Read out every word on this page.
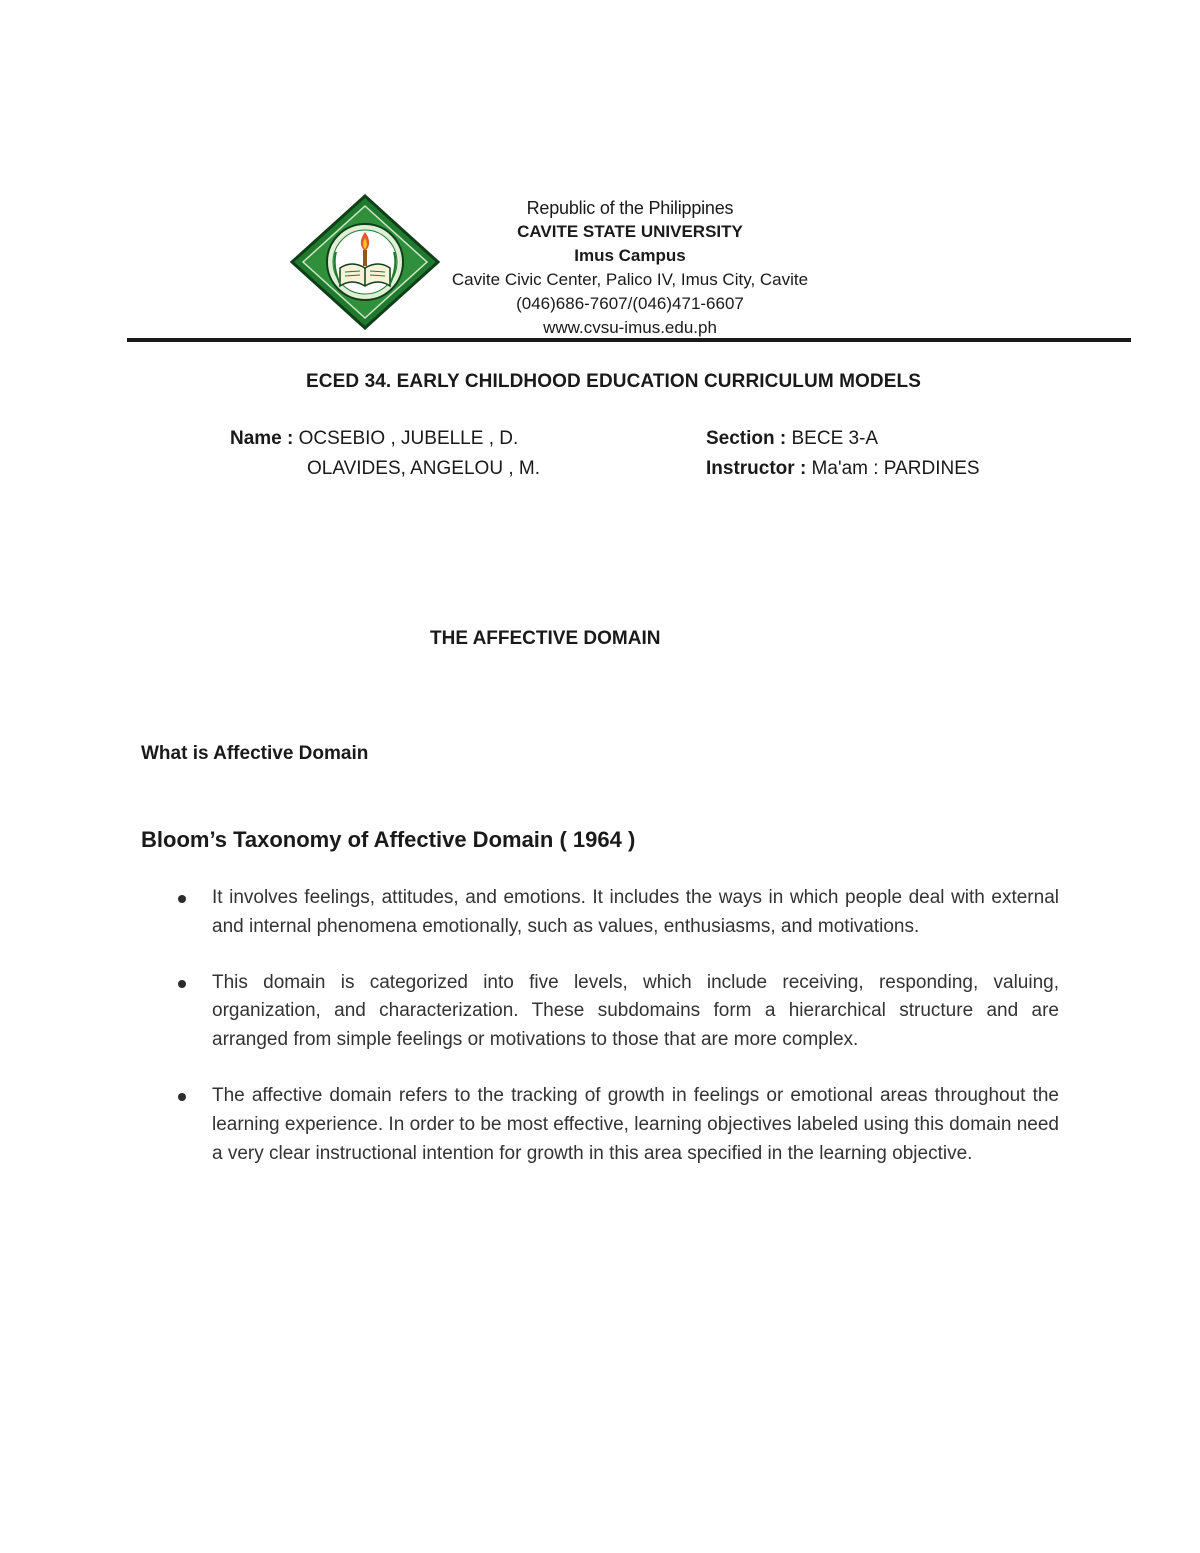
Republic of the Philippines
CAVITE STATE UNIVERSITY
Imus Campus
Cavite Civic Center, Palico IV, Imus City, Cavite
(046)686-7607/(046)471-6607
www.cvsu-imus.edu.ph
ECED 34. EARLY CHILDHOOD EDUCATION CURRICULUM MODELS
Name : OCSEBIO , JUBELLE , D.
OLAVIDES, ANGELOU , M.
Section : BECE 3-A
Instructor : Ma'am : PARDINES
THE AFFECTIVE DOMAIN
What is Affective Domain
Bloom’s Taxonomy of Affective Domain ( 1964 )
It involves feelings, attitudes, and emotions. It includes the ways in which people deal with external and internal phenomena emotionally, such as values, enthusiasms, and motivations.
This domain is categorized into five levels, which include receiving, responding, valuing, organization, and characterization. These subdomains form a hierarchical structure and are arranged from simple feelings or motivations to those that are more complex.
The affective domain refers to the tracking of growth in feelings or emotional areas throughout the learning experience. In order to be most effective, learning objectives labeled using this domain need a very clear instructional intention for growth in this area specified in the learning objective.
